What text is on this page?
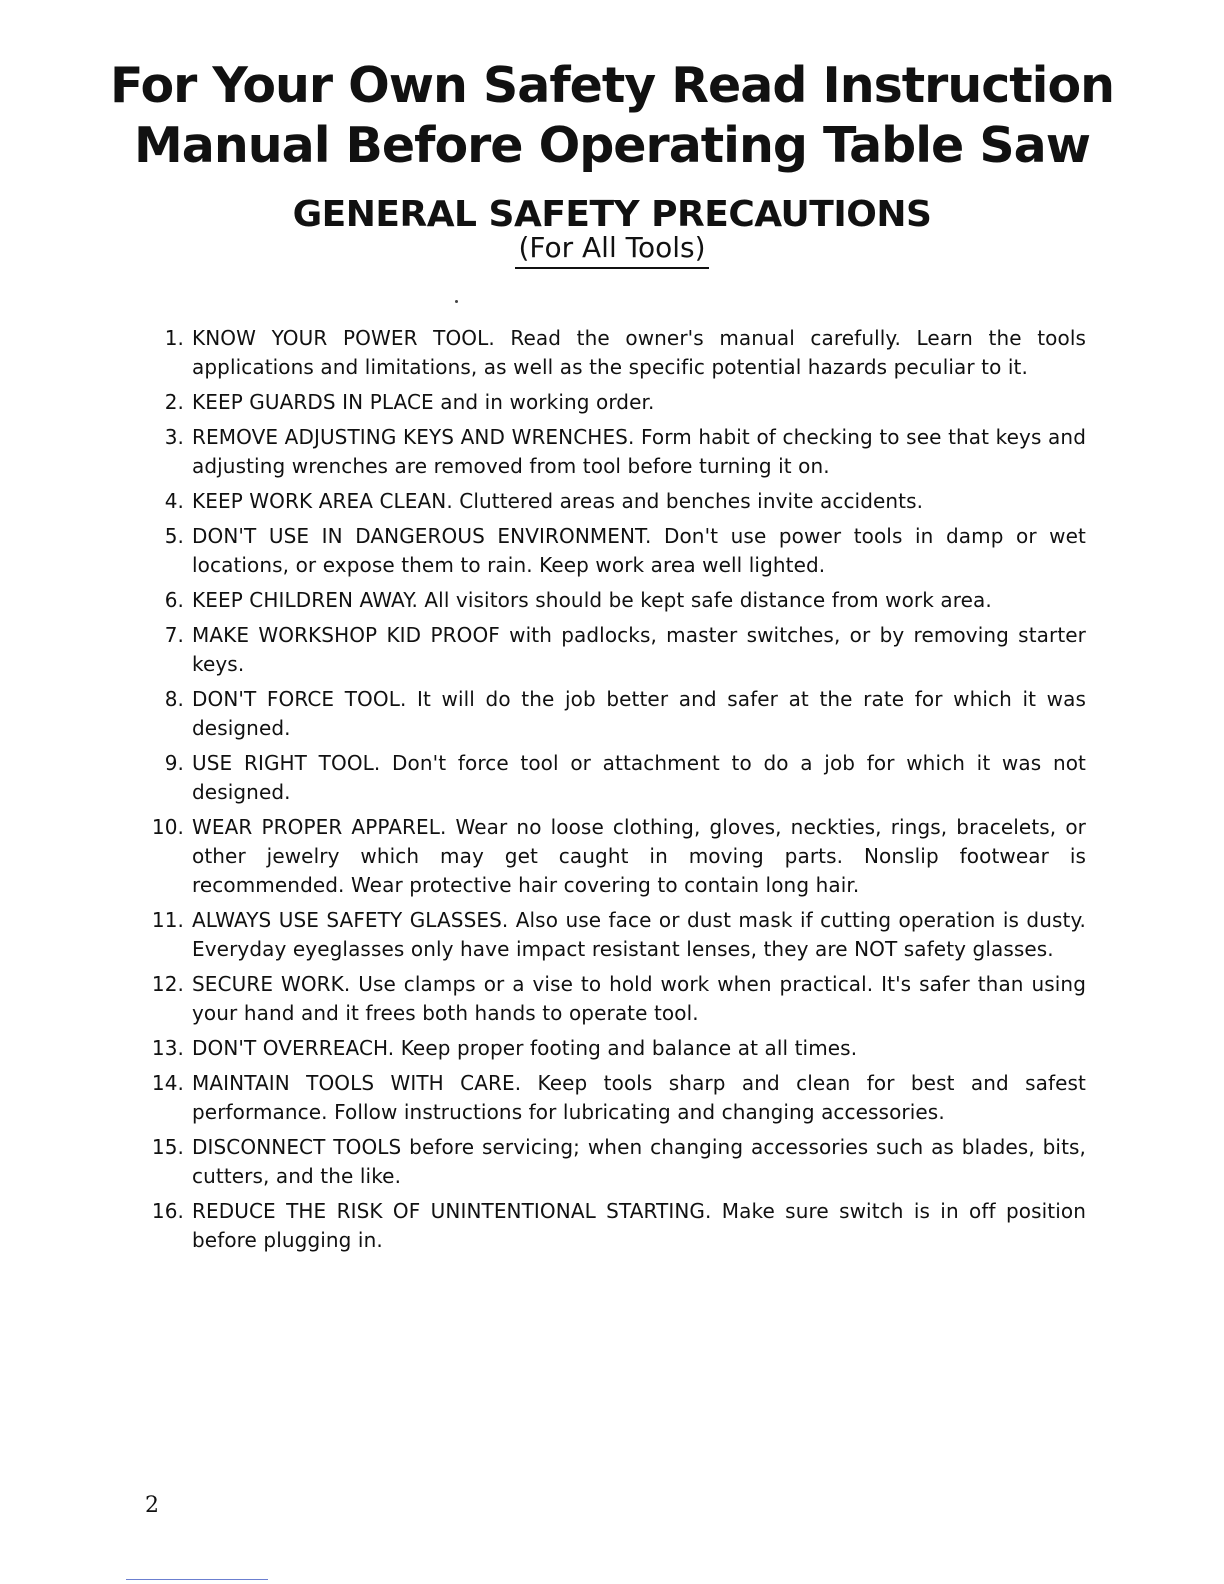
For Your Own Safety Read Instruction
Manual Before Operating Table Saw
GENERAL SAFETY PRECAUTIONS
(For All Tools)
1. KNOW YOUR POWER TOOL. Read the owner's manual carefully. Learn the tools applications and limitations, as well as the specific potential hazards peculiar to it.
2. KEEP GUARDS IN PLACE and in working order.
3. REMOVE ADJUSTING KEYS AND WRENCHES. Form habit of checking to see that keys and adjusting wrenches are removed from tool before turning it on.
4. KEEP WORK AREA CLEAN. Cluttered areas and benches invite accidents.
5. DON'T USE IN DANGEROUS ENVIRONMENT. Don't use power tools in damp or wet locations, or expose them to rain. Keep work area well lighted.
6. KEEP CHILDREN AWAY. All visitors should be kept safe distance from work area.
7. MAKE WORKSHOP KID PROOF with padlocks, master switches, or by removing starter keys.
8. DON'T FORCE TOOL. It will do the job better and safer at the rate for which it was designed.
9. USE RIGHT TOOL. Don't force tool or attachment to do a job for which it was not designed.
10. WEAR PROPER APPAREL. Wear no loose clothing, gloves, neckties, rings, bracelets, or other jewelry which may get caught in moving parts. Nonslip footwear is recommended. Wear protective hair covering to contain long hair.
11. ALWAYS USE SAFETY GLASSES. Also use face or dust mask if cutting operation is dusty. Everyday eyeglasses only have impact resistant lenses, they are NOT safety glasses.
12. SECURE WORK. Use clamps or a vise to hold work when practical. It's safer than using your hand and it frees both hands to operate tool.
13. DON'T OVERREACH. Keep proper footing and balance at all times.
14. MAINTAIN TOOLS WITH CARE. Keep tools sharp and clean for best and safest performance. Follow instructions for lubricating and changing accessories.
15. DISCONNECT TOOLS before servicing; when changing accessories such as blades, bits, cutters, and the like.
16. REDUCE THE RISK OF UNINTENTIONAL STARTING. Make sure switch is in off position before plugging in.
2
